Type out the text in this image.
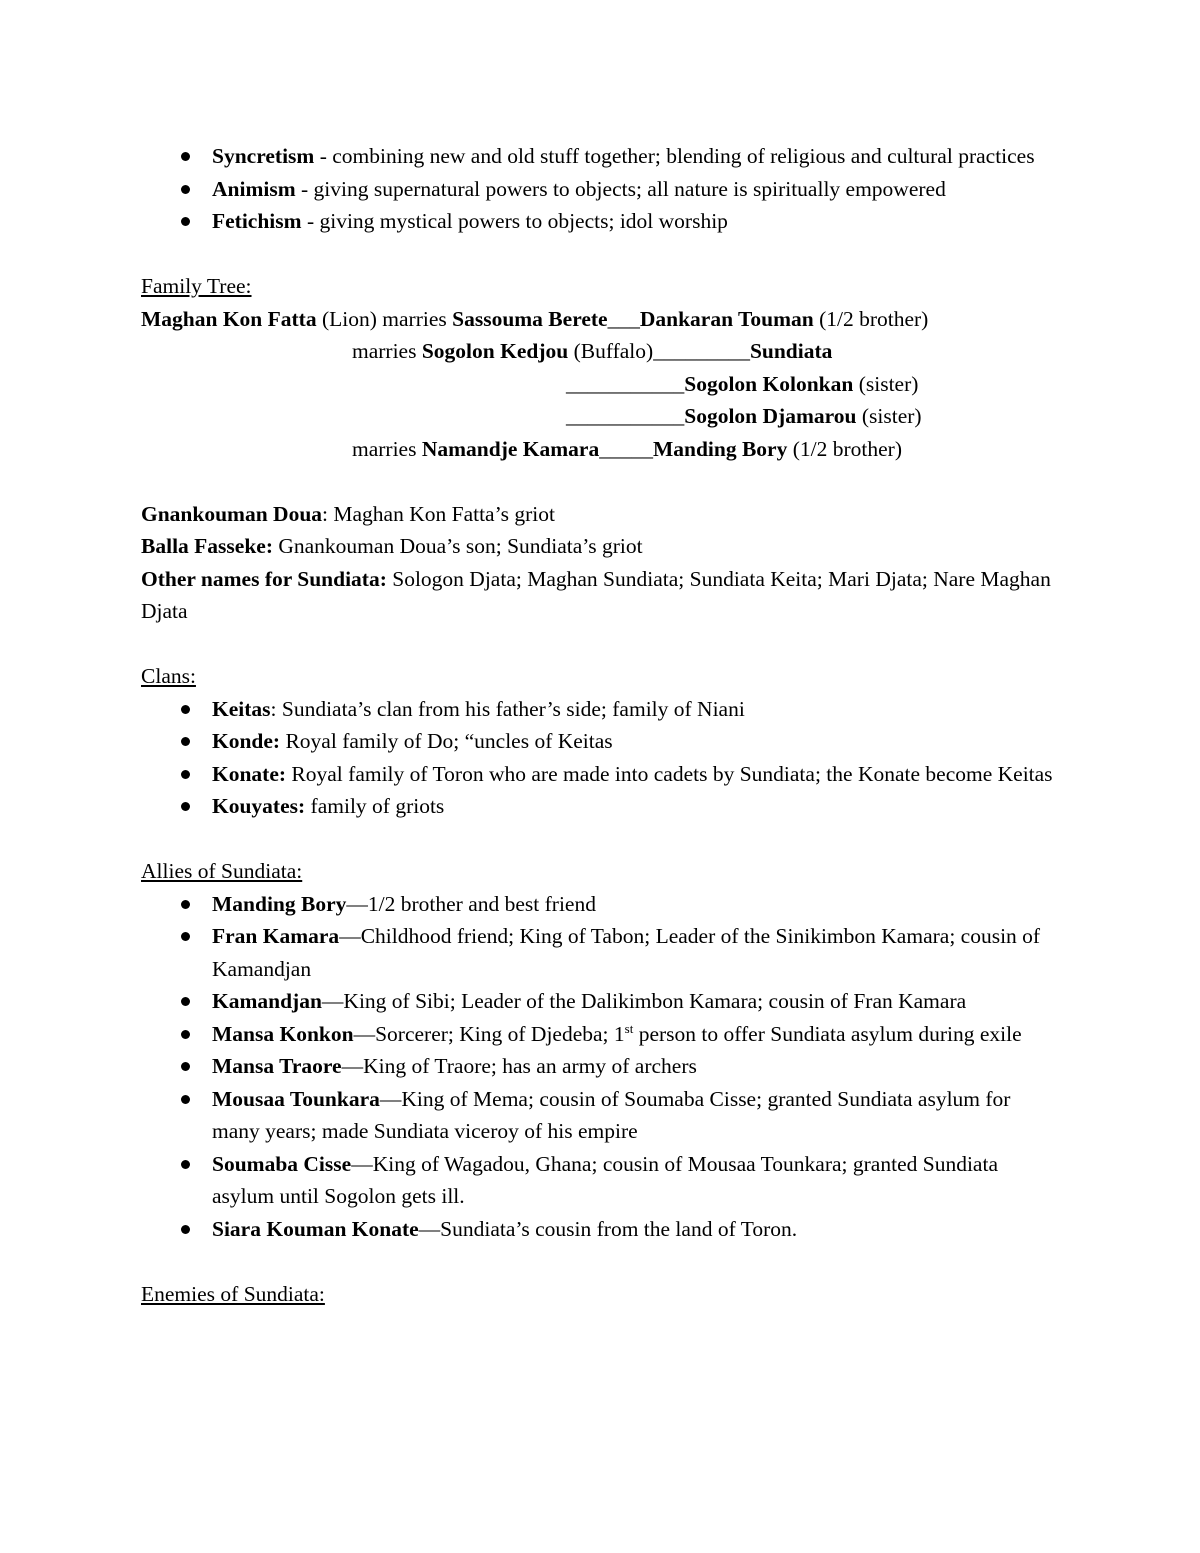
Syncretism - combining new and old stuff together; blending of religious and cultural practices
Animism - giving supernatural powers to objects; all nature is spiritually empowered
Fetichism - giving mystical powers to objects; idol worship
Family Tree:
Maghan Kon Fatta (Lion) marries Sassouma Berete___Dankaran Touman (1/2 brother)
marries Sogolon Kedjou (Buffalo)_________Sundiata
___________Sogolon Kolonkan (sister)
___________Sogolon Djamarou (sister)
marries Namandje Kamara_____Manding Bory (1/2 brother)
Gnankouman Doua: Maghan Kon Fatta’s griot
Balla Fasseke: Gnankouman Doua’s son; Sundiata’s griot
Other names for Sundiata: Sologon Djata; Maghan Sundiata; Sundiata Keita; Mari Djata; Nare Maghan Djata
Clans:
Keitas: Sundiata’s clan from his father’s side; family of Niani
Konde: Royal family of Do; “uncles of Keitas
Konate: Royal family of Toron who are made into cadets by Sundiata; the Konate become Keitas
Kouyates: family of griots
Allies of Sundiata:
Manding Bory—1/2 brother and best friend
Fran Kamara—Childhood friend; King of Tabon; Leader of the Sinikimbon Kamara; cousin of Kamandjan
Kamandjan—King of Sibi; Leader of the Dalikimbon Kamara; cousin of Fran Kamara
Mansa Konkon—Sorcerer; King of Djedeba; 1st person to offer Sundiata asylum during exile
Mansa Traore—King of Traore; has an army of archers
Mousaa Tounkara—King of Mema; cousin of Soumaba Cisse; granted Sundiata asylum for many years; made Sundiata viceroy of his empire
Soumaba Cisse—King of Wagadou, Ghana; cousin of Mousaa Tounkara; granted Sundiata asylum until Sogolon gets ill.
Siara Kouman Konate—Sundiata’s cousin from the land of Toron.
Enemies of Sundiata:
